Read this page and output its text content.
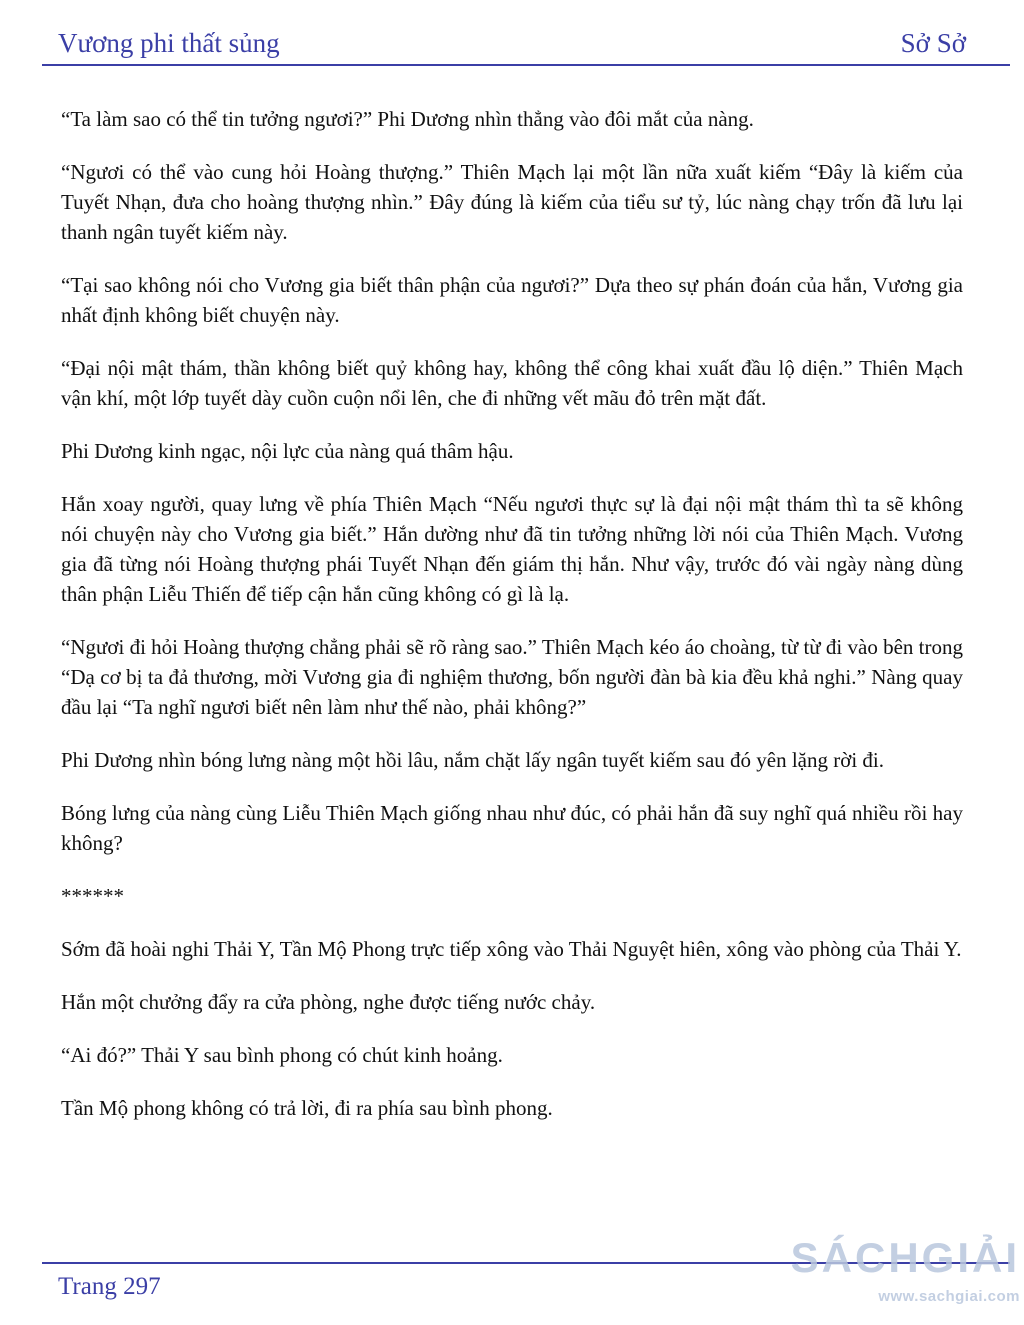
Vương phi thất sủng	Sở Sở

“Ta làm sao có thể tin tưởng ngươi?” Phi Dương nhìn thẳng vào đôi mắt của nàng.

“Ngươi có thể vào cung hỏi Hoàng thượng.” Thiên Mạch lại một lần nữa xuất kiếm “Đây là kiếm của Tuyết Nhạn, đưa cho hoàng thượng nhìn.” Đây đúng là kiếm của tiểu sư tỷ, lúc nàng chạy trốn đã lưu lại thanh ngân tuyết kiếm này.

“Tại sao không nói cho Vương gia biết thân phận của ngươi?” Dựa theo sự phán đoán của hắn, Vương gia nhất định không biết chuyện này.

“Đại nội mật thám, thần không biết quỷ không hay, không thể công khai xuất đầu lộ diện.” Thiên Mạch vận khí, một lớp tuyết dày cuồn cuộn nổi lên, che đi những vết mãu đỏ trên mặt đất.

Phi Dương kinh ngạc, nội lực của nàng quá thâm hậu.

Hắn xoay người, quay lưng về phía Thiên Mạch “Nếu ngươi thực sự là đại nội mật thám thì ta sẽ không nói chuyện này cho Vương gia biết.” Hắn dường như đã tin tưởng những lời nói của Thiên Mạch. Vương gia đã từng nói Hoàng thượng phái Tuyết Nhạn đến giám thị hắn. Như vậy, trước đó vài ngày nàng dùng thân phận Liễu Thiến để tiếp cận hắn cũng không có gì là lạ.

“Ngươi đi hỏi Hoàng thượng chẳng phải sẽ rõ ràng sao.” Thiên Mạch kéo áo choàng, từ từ đi vào bên trong “Dạ cơ bị ta đả thương, mời Vương gia đi nghiệm thương, bốn người đàn bà kia đều khả nghi.” Nàng quay đầu lại “Ta nghĩ ngươi biết nên làm như thế nào, phải không?”

Phi Dương nhìn bóng lưng nàng một hồi lâu, nắm chặt lấy ngân tuyết kiếm sau đó yên lặng rời đi.

Bóng lưng của nàng cùng Liễu Thiên Mạch giống nhau như đúc, có phải hắn đã suy nghĩ quá nhiều rồi hay không?

******

Sớm đã hoài nghi Thải Y, Tần Mộ Phong trực tiếp xông vào Thải Nguyệt hiên, xông vào phòng của Thải Y.

Hắn một chưởng đẩy ra cửa phòng, nghe được tiếng nước chảy.

“Ai đó?” Thải Y sau bình phong có chút kinh hoảng.

Tần Mộ phong không có trả lời, đi ra phía sau bình phong.

Trang 297
SÁCHGIẢI
www.sachgiai.com
